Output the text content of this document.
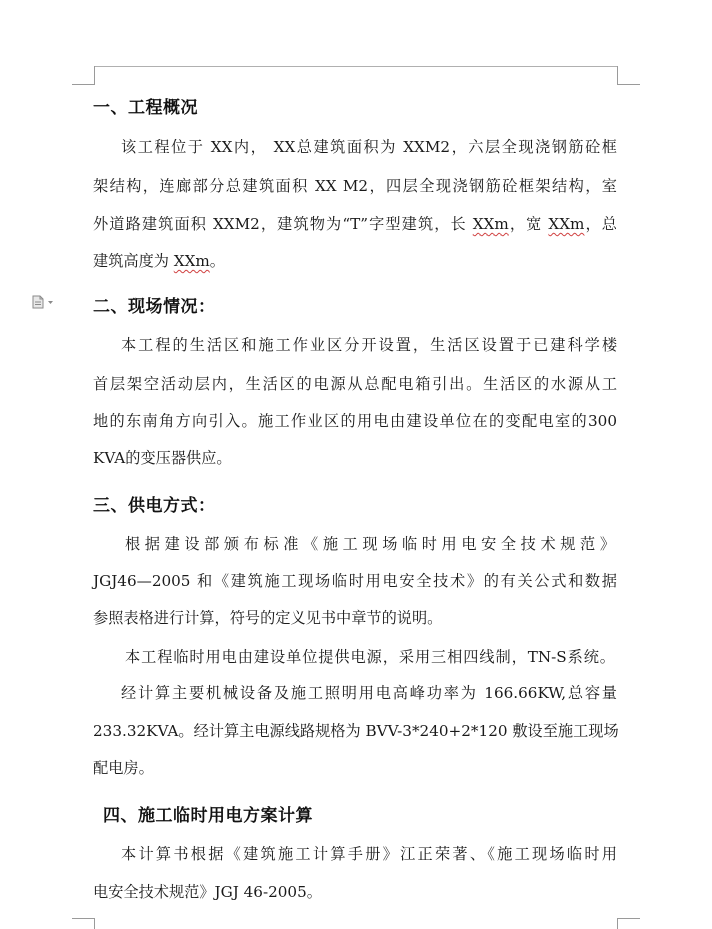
一、工程概况
该工程位于 XX内， XX总建筑面积为 XXM2，六层全现浇钢筋砼框
架结构，连廊部分总建筑面积 XX M2，四层全现浇钢筋砼框架结构，室
外道路建筑面积 XXM2，建筑物为“T”字型建筑，长 XXm，宽 XXm，总
建筑高度为 XXm。
二、现场情况：
本工程的生活区和施工作业区分开设置，生活区设置于已建科学楼
首层架空活动层内，生活区的电源从总配电箱引出。生活区的水源从工
地的东南角方向引入。施工作业区的用电由建设单位在的变配电室的300
KVA的变压器供应。
三、供电方式：
根据建设部颁布标准《施工现场临时用电安全技术规范》
JGJ46—2005 和《建筑施工现场临时用电安全技术》的有关公式和数据
参照表格进行计算，符号的定义见书中章节的说明。
本工程临时用电由建设单位提供电源，采用三相四线制，TN-S系统。
经计算主要机械设备及施工照明用电高峰功率为 166.66KW,总容量
233.32KVA。经计算主电源线路规格为 BVV-3*240+2*120 敷设至施工现场
配电房。
四、施工临时用电方案计算
本计算书根据《建筑施工计算手册》江正荣著、《施工现场临时用
电安全技术规范》JGJ 46-2005。
